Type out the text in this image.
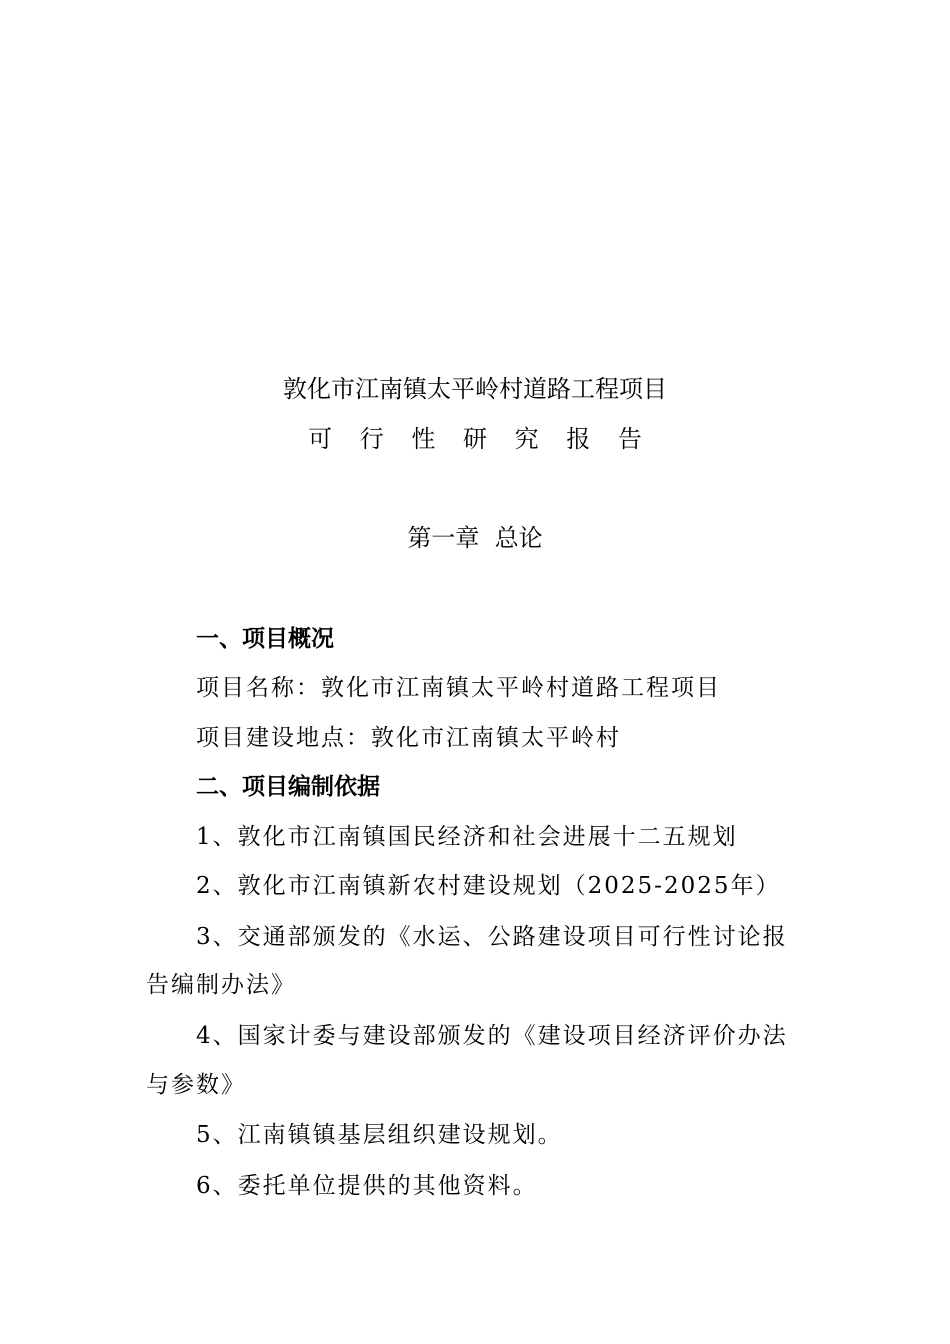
敦化市江南镇太平岭村道路工程项目
可 行 性 研 究 报 告
第一章  总论
一、项目概况
项目名称：敦化市江南镇太平岭村道路工程项目
项目建设地点：敦化市江南镇太平岭村
二、项目编制依据
1、敦化市江南镇国民经济和社会进展十二五规划
2、敦化市江南镇新农村建设规划（2025-2025年）
3、交通部颁发的《水运、公路建设项目可行性讨论报
告编制办法》
4、国家计委与建设部颁发的《建设项目经济评价办法
与参数》
5、江南镇镇基层组织建设规划。
6、委托单位提供的其他资料。
